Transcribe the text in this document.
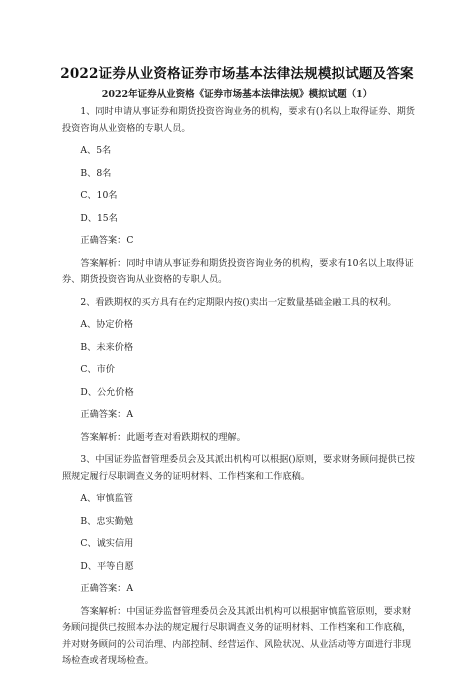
2022证券从业资格证券市场基本法律法规模拟试题及答案
2022年证券从业资格《证券市场基本法律法规》模拟试题（1）

1、同时申请从事证券和期货投资咨询业务的机构，要求有()名以上取得证券、期货投资咨询从业资格的专职人员。

A、5名

B、8名

C、10名

D、15名

正确答案：C

答案解析：同时申请从事证券和期货投资咨询业务的机构，要求有10名以上取得证券、期货投资咨询从业资格的专职人员。

2、看跌期权的买方具有在约定期限内按()卖出一定数量基础金融工具的权利。

A、协定价格

B、未来价格

C、市价

D、公允价格

正确答案：A

答案解析：此题考查对看跌期权的理解。

3、中国证券监督管理委员会及其派出机构可以根据()原则，要求财务顾问提供已按照规定履行尽职调查义务的证明材料、工作档案和工作底稿。

A、审慎监管

B、忠实勤勉

C、诚实信用

D、平等自愿

正确答案：A

答案解析：中国证券监督管理委员会及其派出机构可以根据审慎监管原则，要求财务顾问提供已按照本办法的规定履行尽职调查义务的证明材料、工作档案和工作底稿，并对财务顾问的公司治理、内部控制、经营运作、风险状况、从业活动等方面进行非现场检查或者现场检查。
